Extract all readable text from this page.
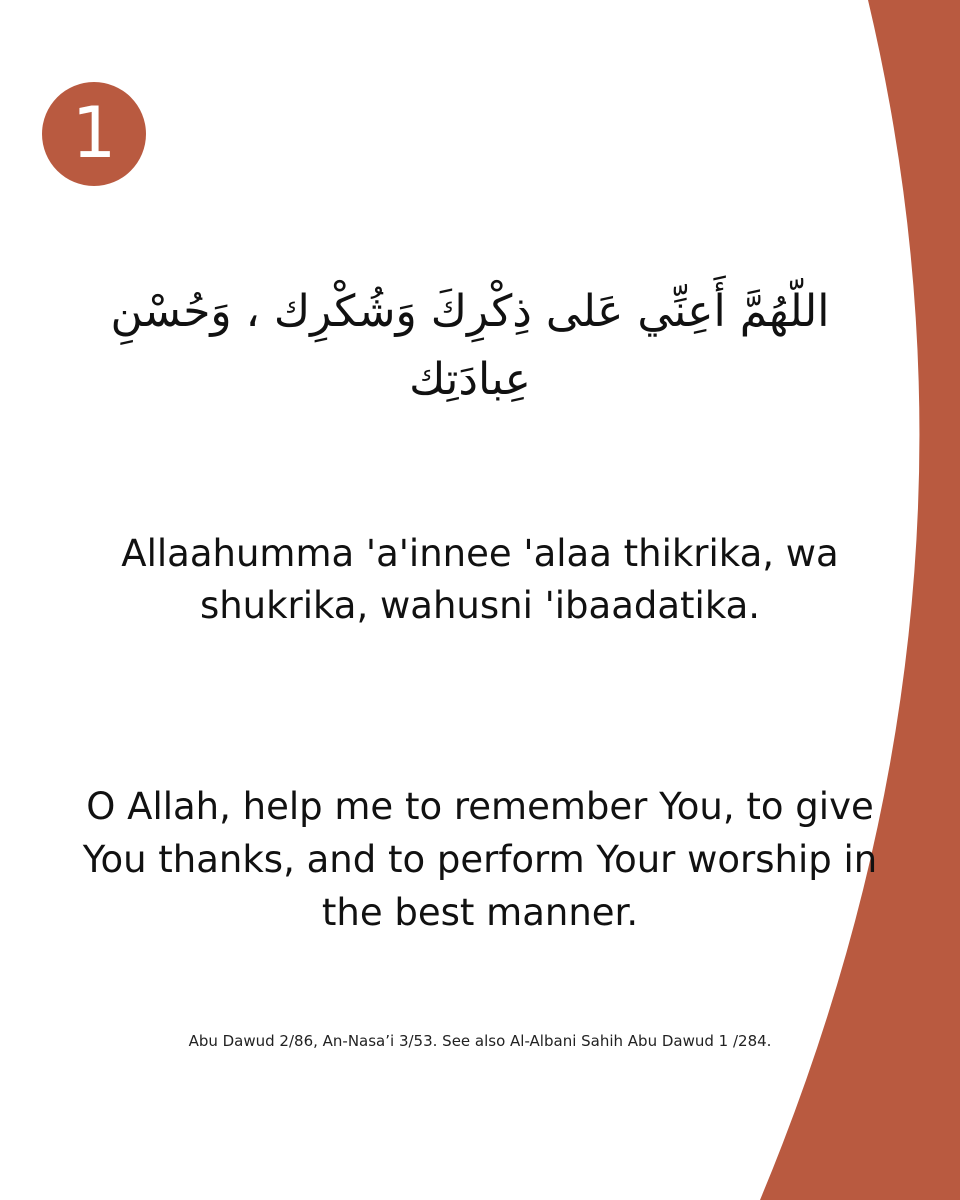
1
اللّهُمَّ أَعِنِّي عَلى ذِكْرِكَ وَشُكْرِك ، وَحُسْنِ عِبادَتِك
Allaahumma 'a'innee 'alaa thikrika, wa shukrika, wahusni 'ibaadatika.
O Allah, help me to remember You, to give You thanks, and to perform Your worship in the best manner.
Abu Dawud 2/86, An-Nasa’i 3/53. See also Al-Albani Sahih Abu Dawud 1 /284.
